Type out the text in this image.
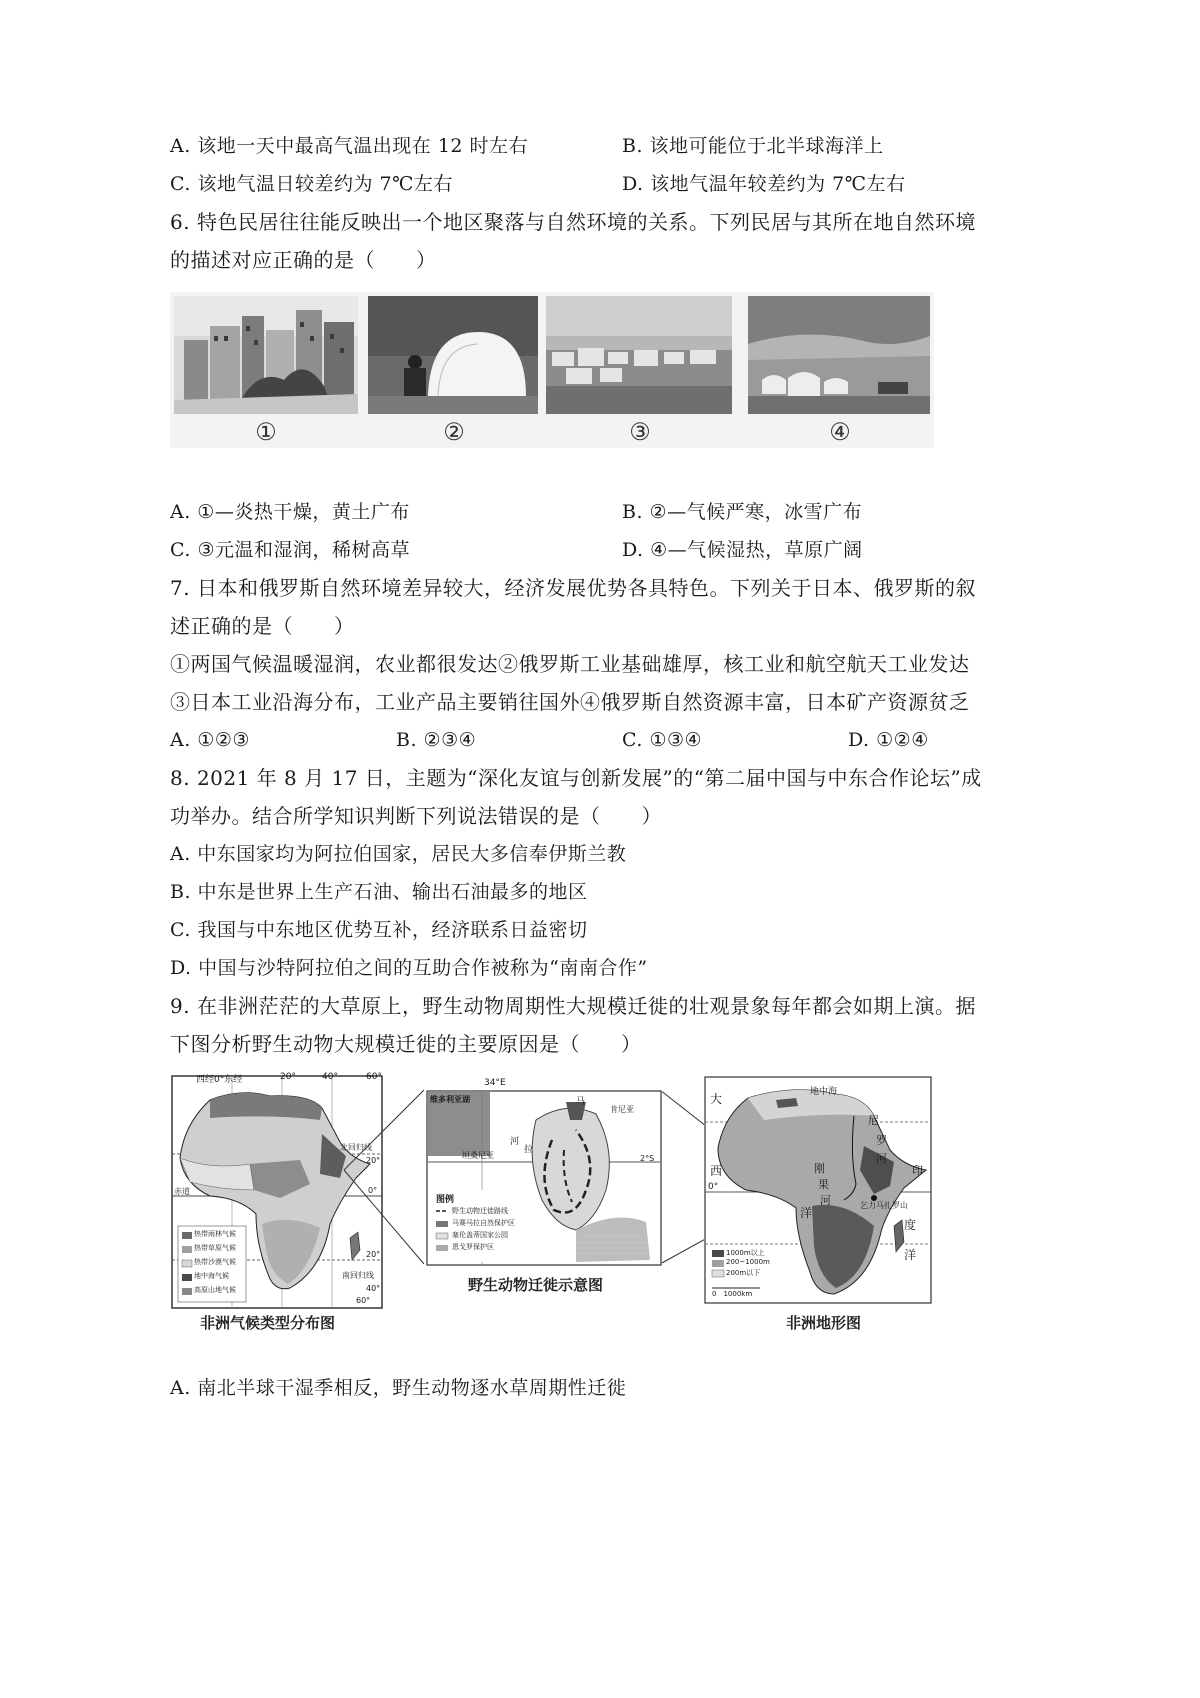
A. 该地一天中最高气温出现在 12 时左右	B. 该地可能位于北半球海洋上
C. 该地气温日较差约为 7℃左右	D. 该地气温年较差约为 7℃左右
6. 特色民居往往能反映出一个地区聚落与自然环境的关系。下列民居与其所在地自然环境
的描述对应正确的是（　　）
①	②	③	④
A. ①—炎热干燥，黄土广布	B. ②—气候严寒，冰雪广布
C. ③元温和湿润，稀树高草	D. ④—气候湿热，草原广阔
7. 日本和俄罗斯自然环境差异较大，经济发展优势各具特色。下列关于日本、俄罗斯的叙
述正确的是（　　）
①两国气候温暖湿润，农业都很发达②俄罗斯工业基础雄厚，核工业和航空航天工业发达
③日本工业沿海分布，工业产品主要销往国外④俄罗斯自然资源丰富，日本矿产资源贫乏
A. ①②③	B. ②③④	C. ①③④	D. ①②④
8. 2021 年 8 月 17 日，主题为“深化友谊与创新发展”的“第二届中国与中东合作论坛”成
功举办。结合所学知识判断下列说法错误的是（　　）
A. 中东国家均为阿拉伯国家，居民大多信奉伊斯兰教
B. 中东是世界上生产石油、输出石油最多的地区
C. 我国与中东地区优势互补，经济联系日益密切
D. 中国与沙特阿拉伯之间的互助合作被称为“南南合作”
9. 在非洲茫茫的大草原上，野生动物周期性大规模迁徙的壮观景象每年都会如期上演。据
下图分析野生动物大规模迁徙的主要原因是（　　）
西经0°东经	20°	40°	60°
北回归线
20°
0°
赤道
20°
南回归线
40°
60°
热带雨林气候
热带草原气候
热带沙漠气候
地中海气候
高原山地气候
非洲气候类型分布图
维多利亚湖
34°E
马
肯尼亚
河
拉
坦桑尼亚	2°S
图例
野生动物迁徙路线
马赛马拉自然保护区
塞伦盖蒂国家公园
恩戈罗保护区
野生动物迁徙示意图
地中海
大
尼
罗
河
西
0°
印
刚
果
河	乞力马扎罗山
洋
度
洋
1000m以上
200~1000m
200m以下
0　1000km
非洲地形图
A. 南北半球干湿季相反，野生动物逐水草周期性迁徙
